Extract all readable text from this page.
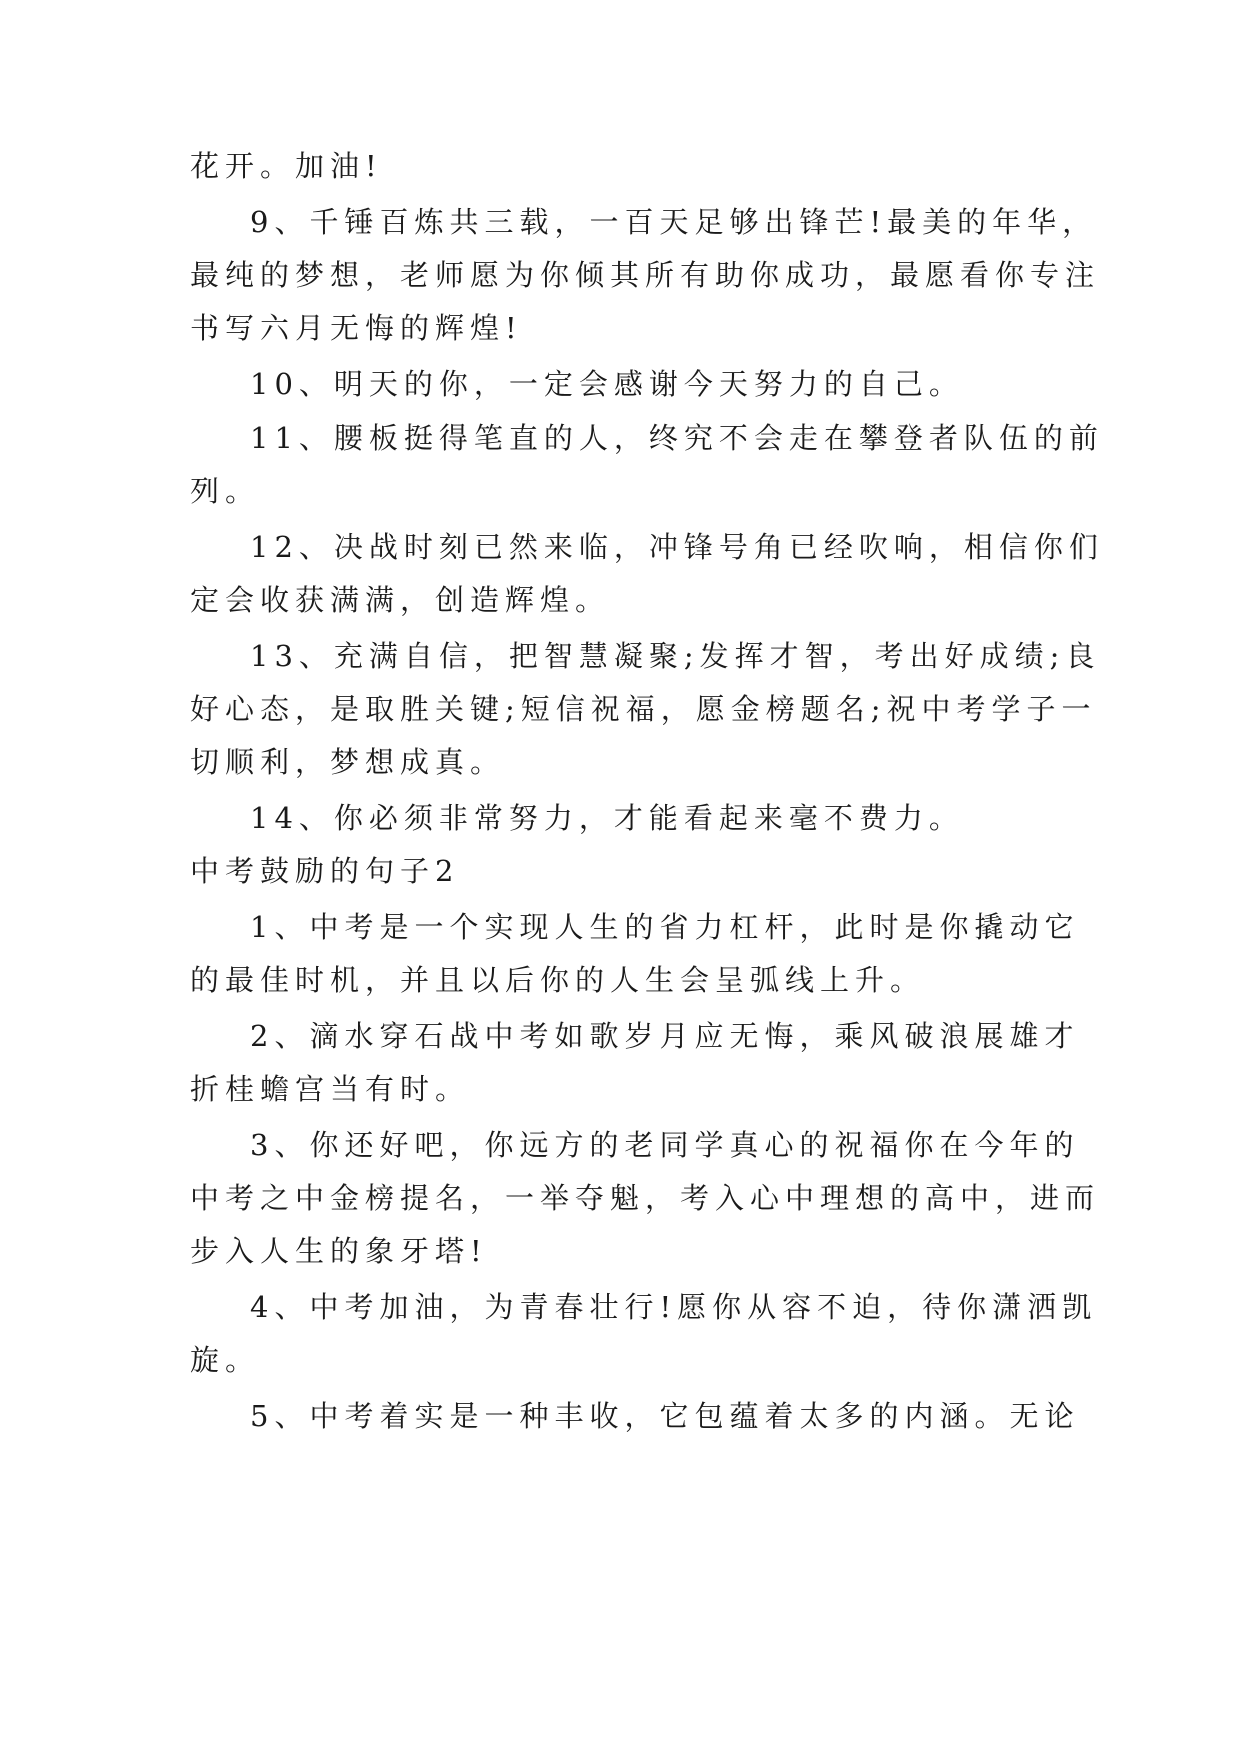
花开。加油!
9、千锤百炼共三载，一百天足够出锋芒!最美的年华，
最纯的梦想，老师愿为你倾其所有助你成功，最愿看你专注
书写六月无悔的辉煌!
10、明天的你，一定会感谢今天努力的自己。
11、腰板挺得笔直的人，终究不会走在攀登者队伍的前
列。
12、决战时刻已然来临，冲锋号角已经吹响，相信你们
定会收获满满，创造辉煌。
13、充满自信，把智慧凝聚;发挥才智，考出好成绩;良
好心态，是取胜关键;短信祝福，愿金榜题名;祝中考学子一
切顺利，梦想成真。
14、你必须非常努力，才能看起来毫不费力。
中考鼓励的句子2
1、中考是一个实现人生的省力杠杆，此时是你撬动它
的最佳时机，并且以后你的人生会呈弧线上升。
2、滴水穿石战中考如歌岁月应无悔，乘风破浪展雄才
折桂蟾宫当有时。
3、你还好吧，你远方的老同学真心的祝福你在今年的
中考之中金榜提名，一举夺魁，考入心中理想的高中，进而
步入人生的象牙塔!
4、中考加油，为青春壮行!愿你从容不迫，待你潇洒凯
旋。
5、中考着实是一种丰收，它包蕴着太多的内涵。无论
